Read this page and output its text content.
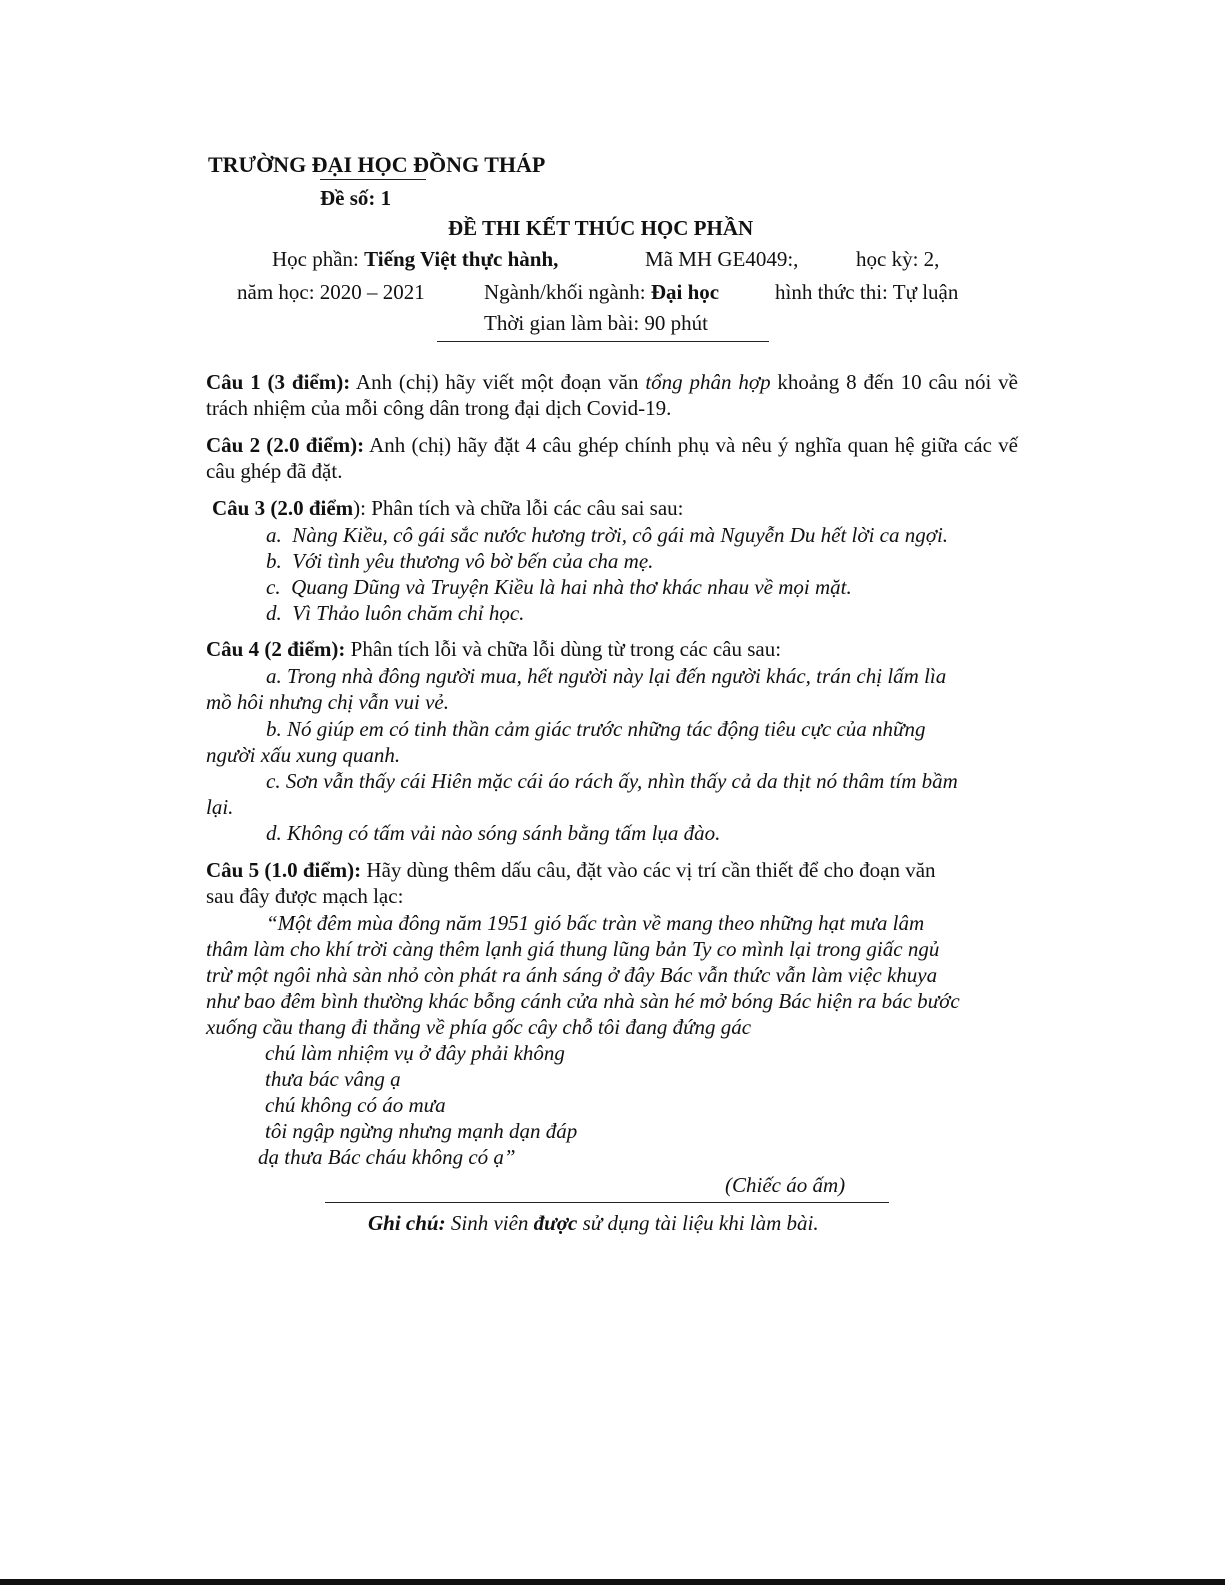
TRƯỜNG ĐẠI HỌC ĐỒNG THÁP
Đề số: 1
ĐỀ THI KẾT THÚC HỌC PHẦN
Học phần: Tiếng Việt thực hành,	Mã MH GE4049:,	học kỳ: 2,
năm học: 2020 – 2021	Ngành/khối ngành: Đại học	hình thức thi: Tự luận
Thời gian làm bài: 90 phút
Câu 1 (3 điểm): Anh (chị) hãy viết một đoạn văn tổng phân hợp khoảng 8 đến 10 câu nói về trách nhiệm của mỗi công dân trong đại dịch Covid-19.
Câu 2 (2.0 điểm): Anh (chị) hãy đặt 4 câu ghép chính phụ và nêu ý nghĩa quan hệ giữa các vế câu ghép đã đặt.
Câu 3 (2.0 điểm): Phân tích và chữa lỗi các câu sai sau:
a. Nàng Kiều, cô gái sắc nước hương trời, cô gái mà Nguyễn Du hết lời ca ngợi.
b. Với tình yêu thương vô bờ bến của cha mẹ.
c. Quang Dũng và Truyện Kiều là hai nhà thơ khác nhau về mọi mặt.
d. Vì Thảo luôn chăm chỉ học.
Câu 4 (2 điểm): Phân tích lỗi và chữa lỗi dùng từ trong các câu sau:
a. Trong nhà đông người mua, hết người này lại đến người khác, trán chị lấm lìa
mồ hôi nhưng chị vẫn vui vẻ.
b. Nó giúp em có tinh thần cảm giác trước những tác động tiêu cực của những
người xấu xung quanh.
c. Sơn vẫn thấy cái Hiên mặc cái áo rách ấy, nhìn thấy cả da thịt nó thâm tím bầm
lại.
d. Không có tấm vải nào sóng sánh bằng tấm lụa đào.
Câu 5 (1.0 điểm): Hãy dùng thêm dấu câu, đặt vào các vị trí cần thiết để cho đoạn văn
sau đây được mạch lạc:
“Một đêm mùa đông năm 1951 gió bấc tràn về mang theo những hạt mưa lâm
thâm làm cho khí trời càng thêm lạnh giá thung lũng bản Ty co mình lại trong giấc ngủ
trừ một ngôi nhà sàn nhỏ còn phát ra ánh sáng ở đây Bác vẫn thức vẫn làm việc khuya
như bao đêm bình thường khác bỗng cánh cửa nhà sàn hé mở bóng Bác hiện ra bác bước
xuống cầu thang đi thẳng về phía gốc cây chỗ tôi đang đứng gác
chú làm nhiệm vụ ở đây phải không
thưa bác vâng ạ
chú không có áo mưa
tôi ngập ngừng nhưng mạnh dạn đáp
dạ thưa Bác cháu không có ạ”
(Chiếc áo ấm)
Ghi chú: Sinh viên được sử dụng tài liệu khi làm bài.
